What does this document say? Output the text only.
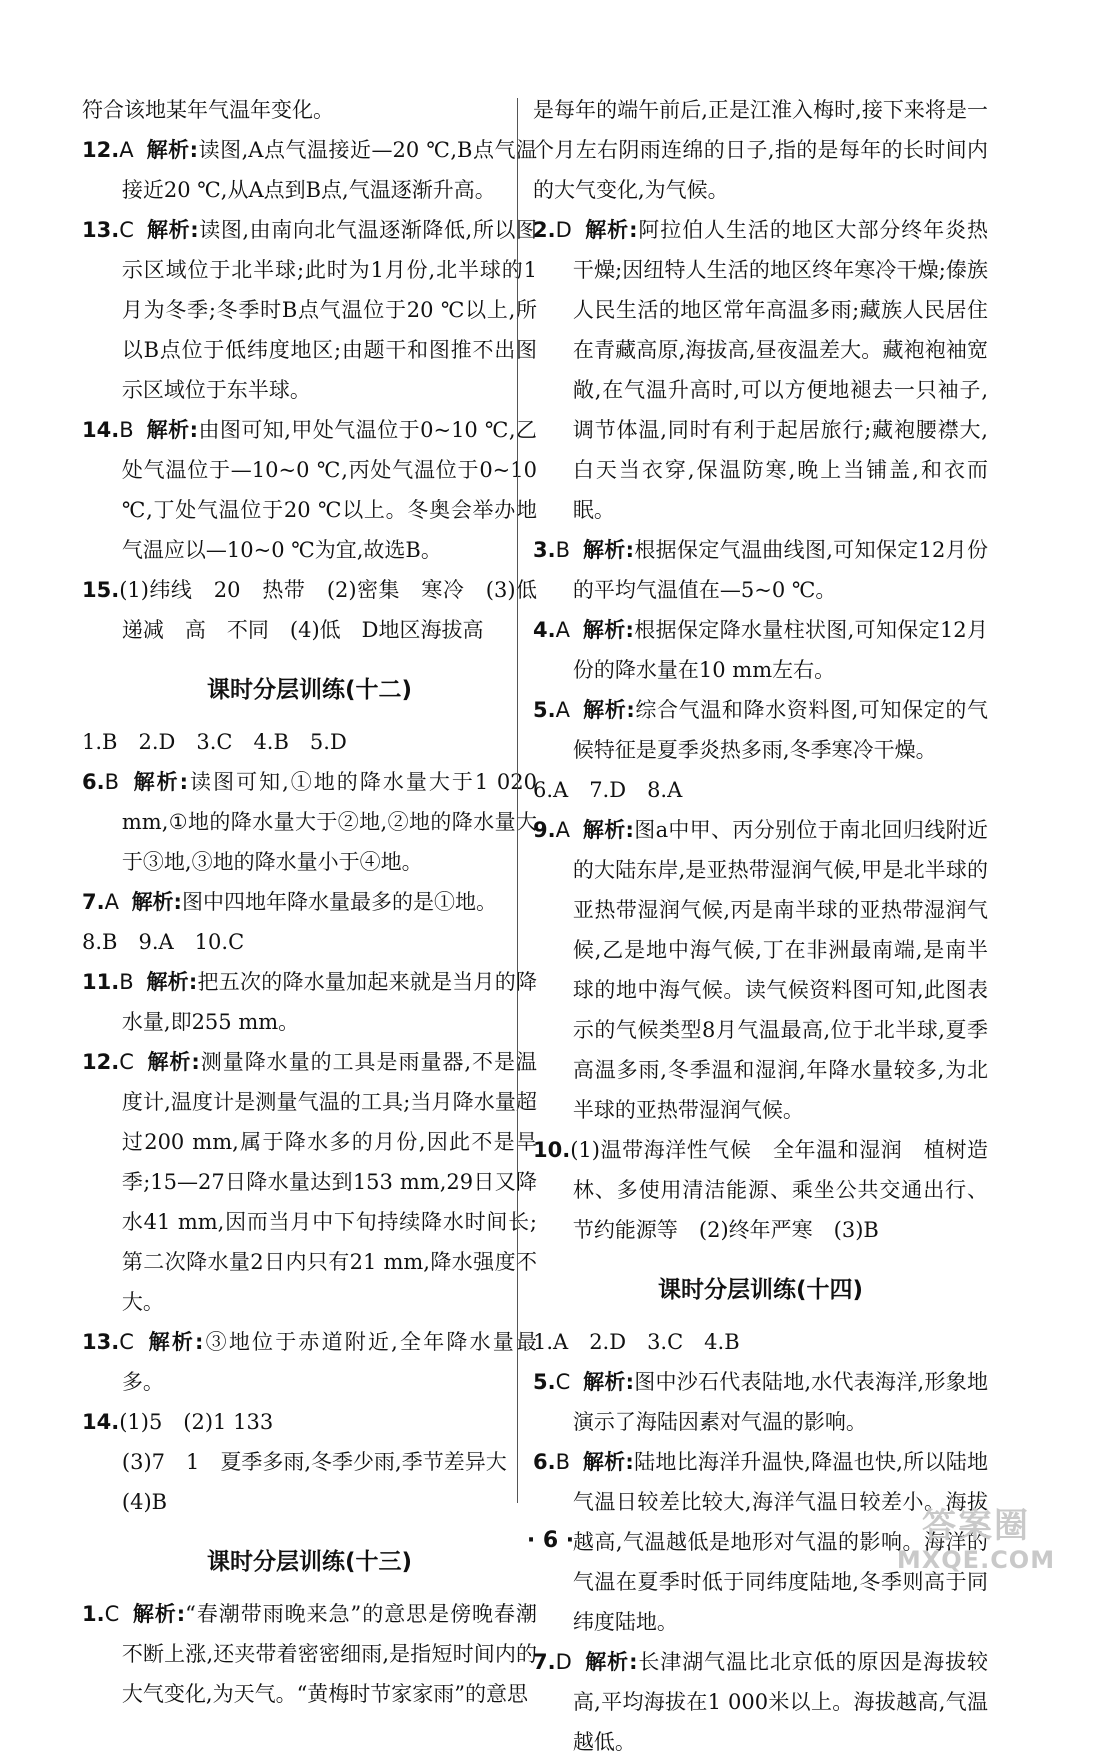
符合该地某年气温年变化。

12.A 解析:读图,A点气温接近—20 ℃,B点气温接近20 ℃,从A点到B点,气温逐渐升高。

13.C 解析:读图,由南向北气温逐渐降低,所以图示区域位于北半球;此时为1月份,北半球的1月为冬季;冬季时B点气温位于20 ℃以上,所以B点位于低纬度地区;由题干和图推不出图示区域位于东半球。

14.B 解析:由图可知,甲处气温位于0~10 ℃,乙处气温位于—10~0 ℃,丙处气温位于0~10 ℃,丁处气温位于20 ℃以上。冬奥会举办地气温应以—10~0 ℃为宜,故选B。

15.(1)纬线　20　热带　(2)密集　寒冷　(3)低　递减　高　不同　(4)低　D地区海拔高

课时分层训练(十二)

1.B　2.D　3.C　4.B　5.D

6.B 解析:读图可知,①地的降水量大于1 020 mm,①地的降水量大于②地,②地的降水量大于③地,③地的降水量小于④地。

7.A 解析:图中四地年降水量最多的是①地。

8.B　9.A　10.C

11.B 解析:把五次的降水量加起来就是当月的降水量,即255 mm。

12.C 解析:测量降水量的工具是雨量器,不是温度计,温度计是测量气温的工具;当月降水量超过200 mm,属于降水多的月份,因此不是旱季;15—27日降水量达到153 mm,29日又降水41 mm,因而当月中下旬持续降水时间长;第二次降水量2日内只有21 mm,降水强度不大。

13.C 解析:③地位于赤道附近,全年降水量最多。

14.(1)5　(2)1 133

(3)7　1　夏季多雨,冬季少雨,季节差异大

(4)B

课时分层训练(十三)

1.C 解析:“春潮带雨晚来急”的意思是傍晚春潮不断上涨,还夹带着密密细雨,是指短时间内的大气变化,为天气。“黄梅时节家家雨”的意思

是每年的端午前后,正是江淮入梅时,接下来将是一个月左右阴雨连绵的日子,指的是每年的长时间内的大气变化,为气候。

2.D 解析:阿拉伯人生活的地区大部分终年炎热干燥;因纽特人生活的地区终年寒冷干燥;傣族人民生活的地区常年高温多雨;藏族人民居住在青藏高原,海拔高,昼夜温差大。藏袍袍袖宽敞,在气温升高时,可以方便地褪去一只袖子,调节体温,同时有利于起居旅行;藏袍腰襟大,白天当衣穿,保温防寒,晚上当铺盖,和衣而眠。

3.B 解析:根据保定气温曲线图,可知保定12月份的平均气温值在—5~0 ℃。

4.A 解析:根据保定降水量柱状图,可知保定12月份的降水量在10 mm左右。

5.A 解析:综合气温和降水资料图,可知保定的气候特征是夏季炎热多雨,冬季寒冷干燥。

6.A　7.D　8.A

9.A 解析:图a中甲、丙分别位于南北回归线附近的大陆东岸,是亚热带湿润气候,甲是北半球的亚热带湿润气候,丙是南半球的亚热带湿润气候,乙是地中海气候,丁在非洲最南端,是南半球的地中海气候。读气候资料图可知,此图表示的气候类型8月气温最高,位于北半球,夏季高温多雨,冬季温和湿润,年降水量较多,为北半球的亚热带湿润气候。

10.(1)温带海洋性气候　全年温和湿润　植树造林、多使用清洁能源、乘坐公共交通出行、节约能源等　(2)终年严寒　(3)B

课时分层训练(十四)

1.A　2.D　3.C　4.B

5.C 解析:图中沙石代表陆地,水代表海洋,形象地演示了海陆因素对气温的影响。

6.B 解析:陆地比海洋升温快,降温也快,所以陆地气温日较差比较大,海洋气温日较差小。海拔越高,气温越低是地形对气温的影响。海洋的气温在夏季时低于同纬度陆地,冬季则高于同纬度陆地。

7.D 解析:长津湖气温比北京低的原因是海拔较高,平均海拔在1 000米以上。海拔越高,气温越低。

· 6 ·	答案圈
MXQE.COM
